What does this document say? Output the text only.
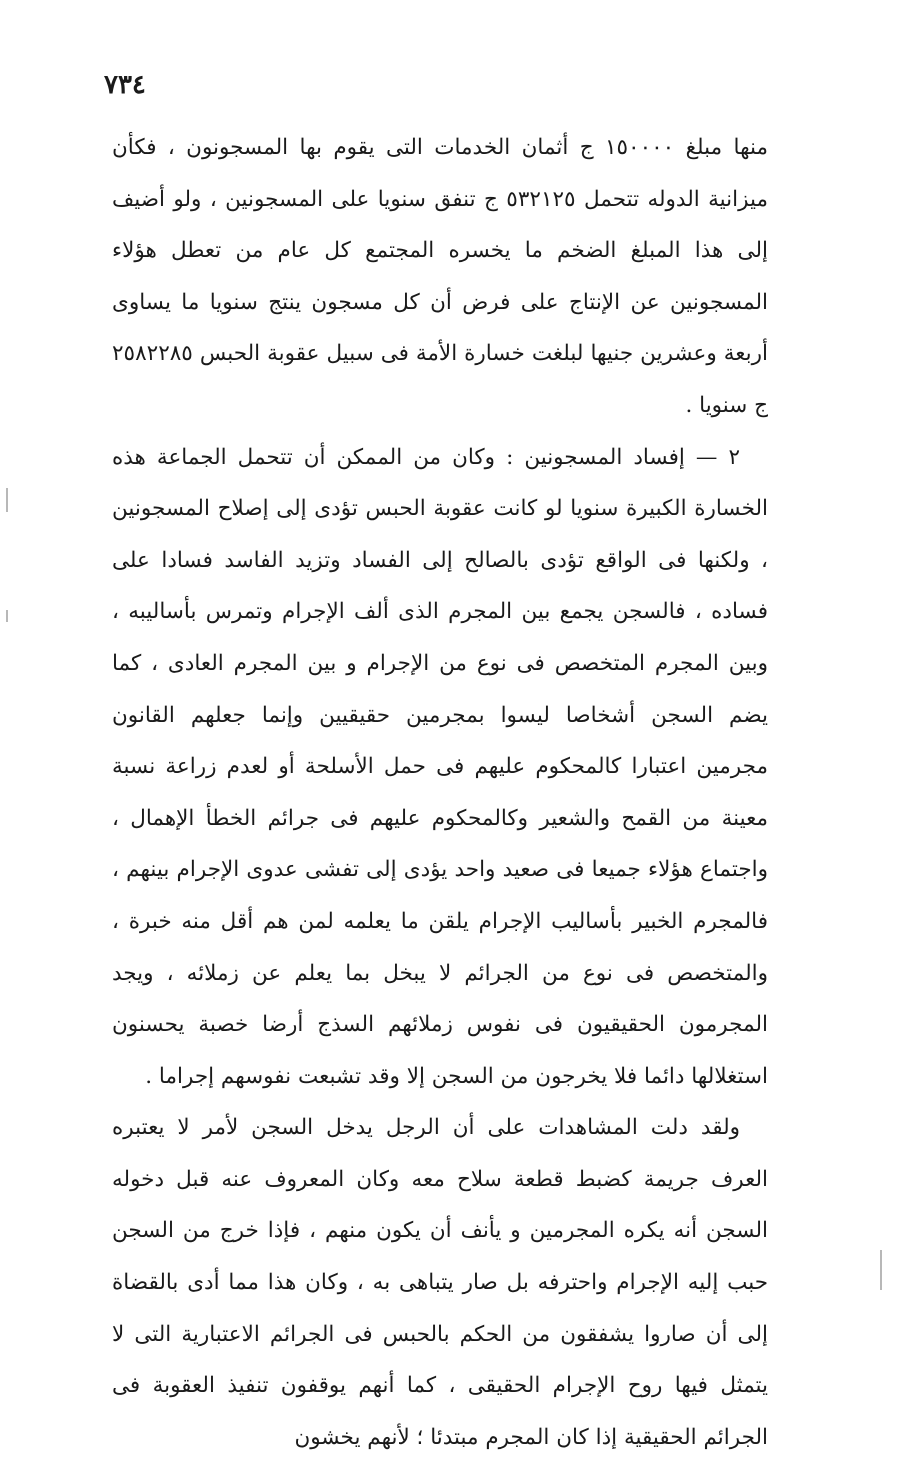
٧٣٤

منها مبلغ ١٥٠٠٠٠ ج أثمان الخدمات التى يقوم بها المسجونون ، فكأن ميزانية الدوله تتحمل ٥٣٢١٢٥ ج تنفق سنويا على المسجونين ، ولو أضيف إلى هذا المبلغ الضخم ما يخسره المجتمع كل عام من تعطل هؤلاء المسجونين عن الإنتاج على فرض أن كل مسجون ينتج سنويا ما يساوى أربعة وعشرين جنيها لبلغت خسارة الأمة فى سبيل عقوبة الحبس ٢٥٨٢٢٨٥ ج سنويا .

٢ — إفساد المسجونين : وكان من الممكن أن تتحمل الجماعة هذه الخسارة الكبيرة سنويا لو كانت عقوبة الحبس تؤدى إلى إصلاح المسجونين ، ولكنها فى الواقع تؤدى بالصالح إلى الفساد وتزيد الفاسد فسادا على فساده ، فالسجن يجمع بين المجرم الذى ألف الإجرام وتمرس بأساليبه ، وبين المجرم المتخصص فى نوع من الإجرام و بين المجرم العادى ، كما يضم السجن أشخاصا ليسوا بمجرمين حقيقيين وإنما جعلهم القانون مجرمين اعتبارا كالمحكوم عليهم فى حمل الأسلحة أو لعدم زراعة نسبة معينة من القمح والشعير وكالمحكوم عليهم فى جرائم الخطأ الإهمال ، واجتماع هؤلاء جميعا فى صعيد واحد يؤدى إلى تفشى عدوى الإجرام بينهم ، فالمجرم الخبير بأساليب الإجرام يلقن ما يعلمه لمن هم أقل منه خبرة ، والمتخصص فى نوع من الجرائم لا يبخل بما يعلم عن زملائه ، ويجد المجرمون الحقيقيون فى نفوس زملائهم السذج أرضا خصبة يحسنون استغلالها دائما فلا يخرجون من السجن إلا وقد تشبعت نفوسهم إجراما .

ولقد دلت المشاهدات على أن الرجل يدخل السجن لأمر لا يعتبره العرف جريمة كضبط قطعة سلاح معه وكان المعروف عنه قبل دخوله السجن أنه يكره المجرمين و يأنف أن يكون منهم ، فإذا خرج من السجن حبب إليه الإجرام واحترفه بل صار يتباهى به ، وكان هذا مما أدى بالقضاة إلى أن صاروا يشفقون من الحكم بالحبس فى الجرائم الاعتبارية التى لا يتمثل فيها روح الإجرام الحقيقى ، كما أنهم يوقفون تنفيذ العقوبة فى الجرائم الحقيقية إذا كان المجرم مبتدئا ؛ لأنهم يخشون
